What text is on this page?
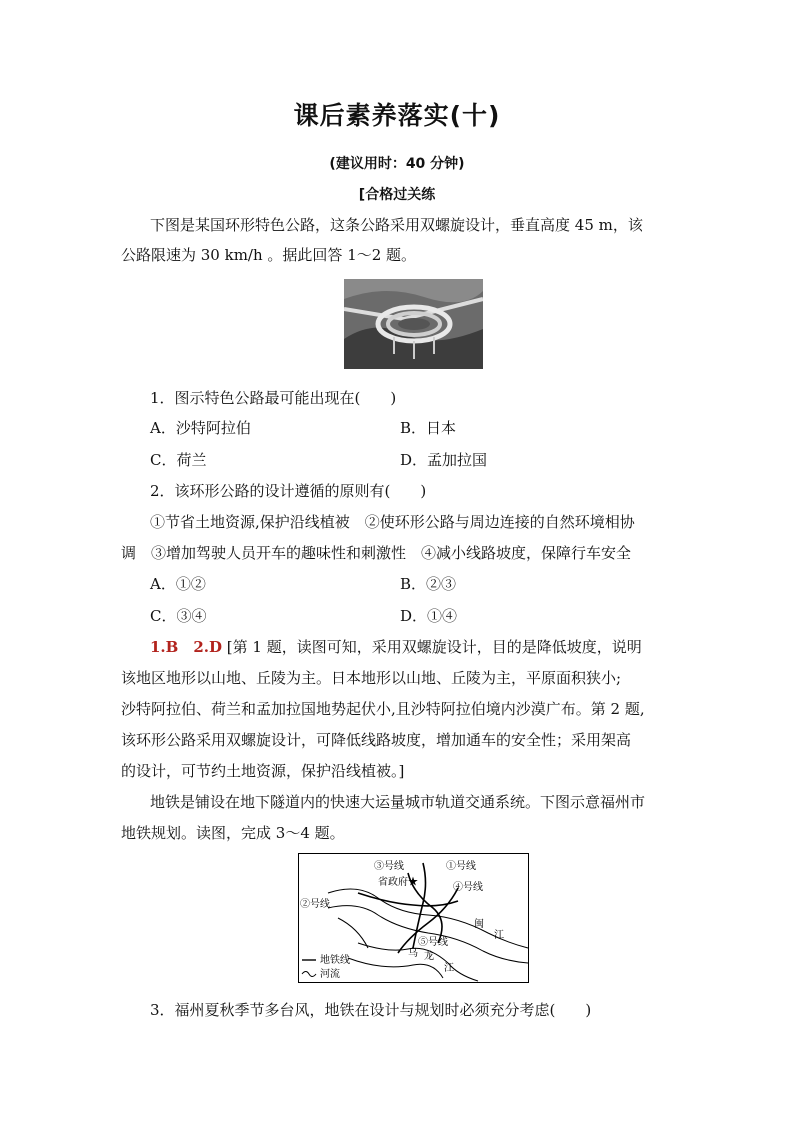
课后素养落实(十)
(建议用时：40 分钟)
[合格过关练
下图是某国环形特色公路，这条公路采用双螺旋设计，垂直高度 45 m，该
公路限速为 30 km/h 。据此回答 1～2 题。
1．图示特色公路最可能出现在(　　)
A．沙特阿拉伯	B．日本
C．荷兰	D．孟加拉国
2．该环形公路的设计遵循的原则有(　　)
①节省土地资源,保护沿线植被　②使环形公路与周边连接的自然环境相协
调　③增加驾驶人员开车的趣味性和刺激性　④减小线路坡度，保障行车安全
A．①②	B．②③
C．③④	D．①④
1.B　2.D [第 1 题，读图可知，采用双螺旋设计，目的是降低坡度，说明
该地区地形以山地、丘陵为主。日本地形以山地、丘陵为主，平原面积狭小;
沙特阿拉伯、荷兰和孟加拉国地势起伏小,且沙特阿拉伯境内沙漠广布。第 2 题,
该环形公路采用双螺旋设计，可降低线路坡度，增加通车的安全性；采用架高
的设计，可节约土地资源，保护沿线植被。]
地铁是铺设在地下隧道内的快速大运量城市轨道交通系统。下图示意福州市
地铁规划。读图，完成 3～4 题。
③号线	①号线
省政府★	④号线
②号线
⑤号线
闽
江
乌 龙
江
地铁线
河流
3．福州夏秋季节多台风，地铁在设计与规划时必须充分考虑(　　)
